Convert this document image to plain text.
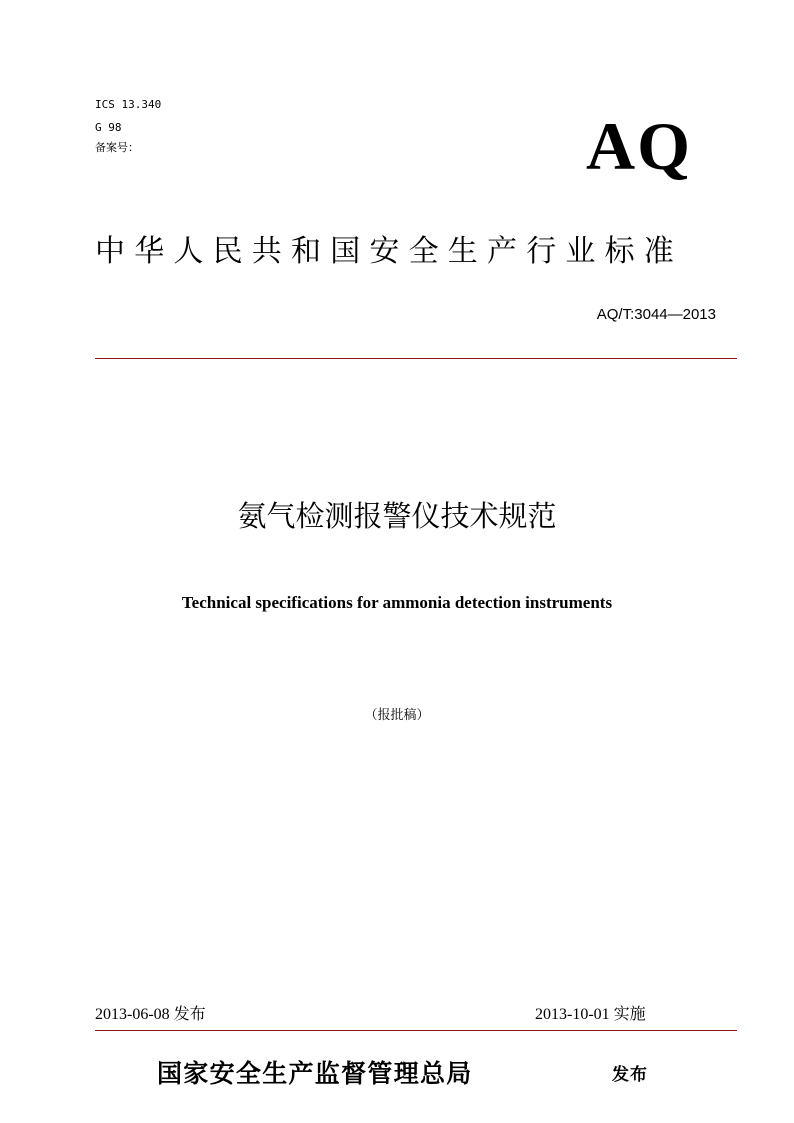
ICS 13.340
G 98
备案号：	AQ
中华人民共和国安全生产行业标准
AQ/T:3044—2013
氨气检测报警仪技术规范
Technical specifications for ammonia detection instruments
（报批稿）
2013-06-08 发布	2013-10-01 实施
国家安全生产监督管理总局	发布
